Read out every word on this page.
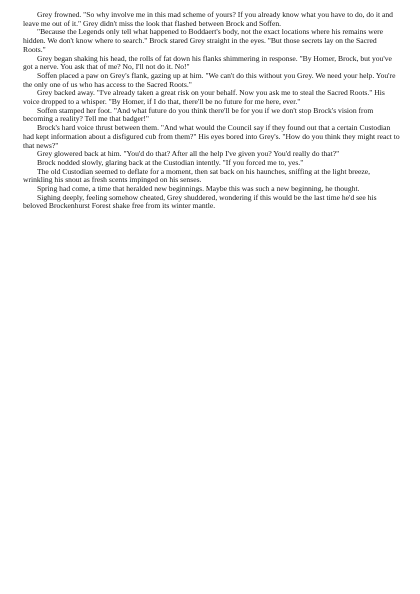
Grey frowned. "So why involve me in this mad scheme of yours? If you already know what you have to do, do it and leave me out of it." Grey didn't miss the look that flashed between Brock and Soffen.

"Because the Legends only tell what happened to Boddaert's body, not the exact locations where his remains were hidden. We don't know where to search." Brock stared Grey straight in the eyes. "But those secrets lay on the Sacred Roots."

Grey began shaking his head, the rolls of fat down his flanks shimmering in response. "By Homer, Brock, but you've got a nerve. You ask that of me? No, I'll not do it. No!"

Soffen placed a paw on Grey's flank, gazing up at him. "We can't do this without you Grey. We need your help. You're the only one of us who has access to the Sacred Roots."

Grey backed away. "I've already taken a great risk on your behalf. Now you ask me to steal the Sacred Roots." His voice dropped to a whisper. "By Homer, if I do that, there'll be no future for me here, ever."

Soffen stamped her foot. "And what future do you think there'll be for you if we don't stop Brock's vision from becoming a reality? Tell me that badger!"

Brock's hard voice thrust between them. "And what would the Council say if they found out that a certain Custodian had kept information about a disfigured cub from them?" His eyes bored into Grey's. "How do you think they might react to that news?"

Grey glowered back at him. "You'd do that? After all the help I've given you? You'd really do that?"

Brock nodded slowly, glaring back at the Custodian intently. "If you forced me to, yes."

The old Custodian seemed to deflate for a moment, then sat back on his haunches, sniffing at the light breeze, wrinkling his snout as fresh scents impinged on his senses.

Spring had come, a time that heralded new beginnings. Maybe this was such a new beginning, he thought.

Sighing deeply, feeling somehow cheated, Grey shuddered, wondering if this would be the last time he'd see his beloved Brockenhurst Forest shake free from its winter mantle.
